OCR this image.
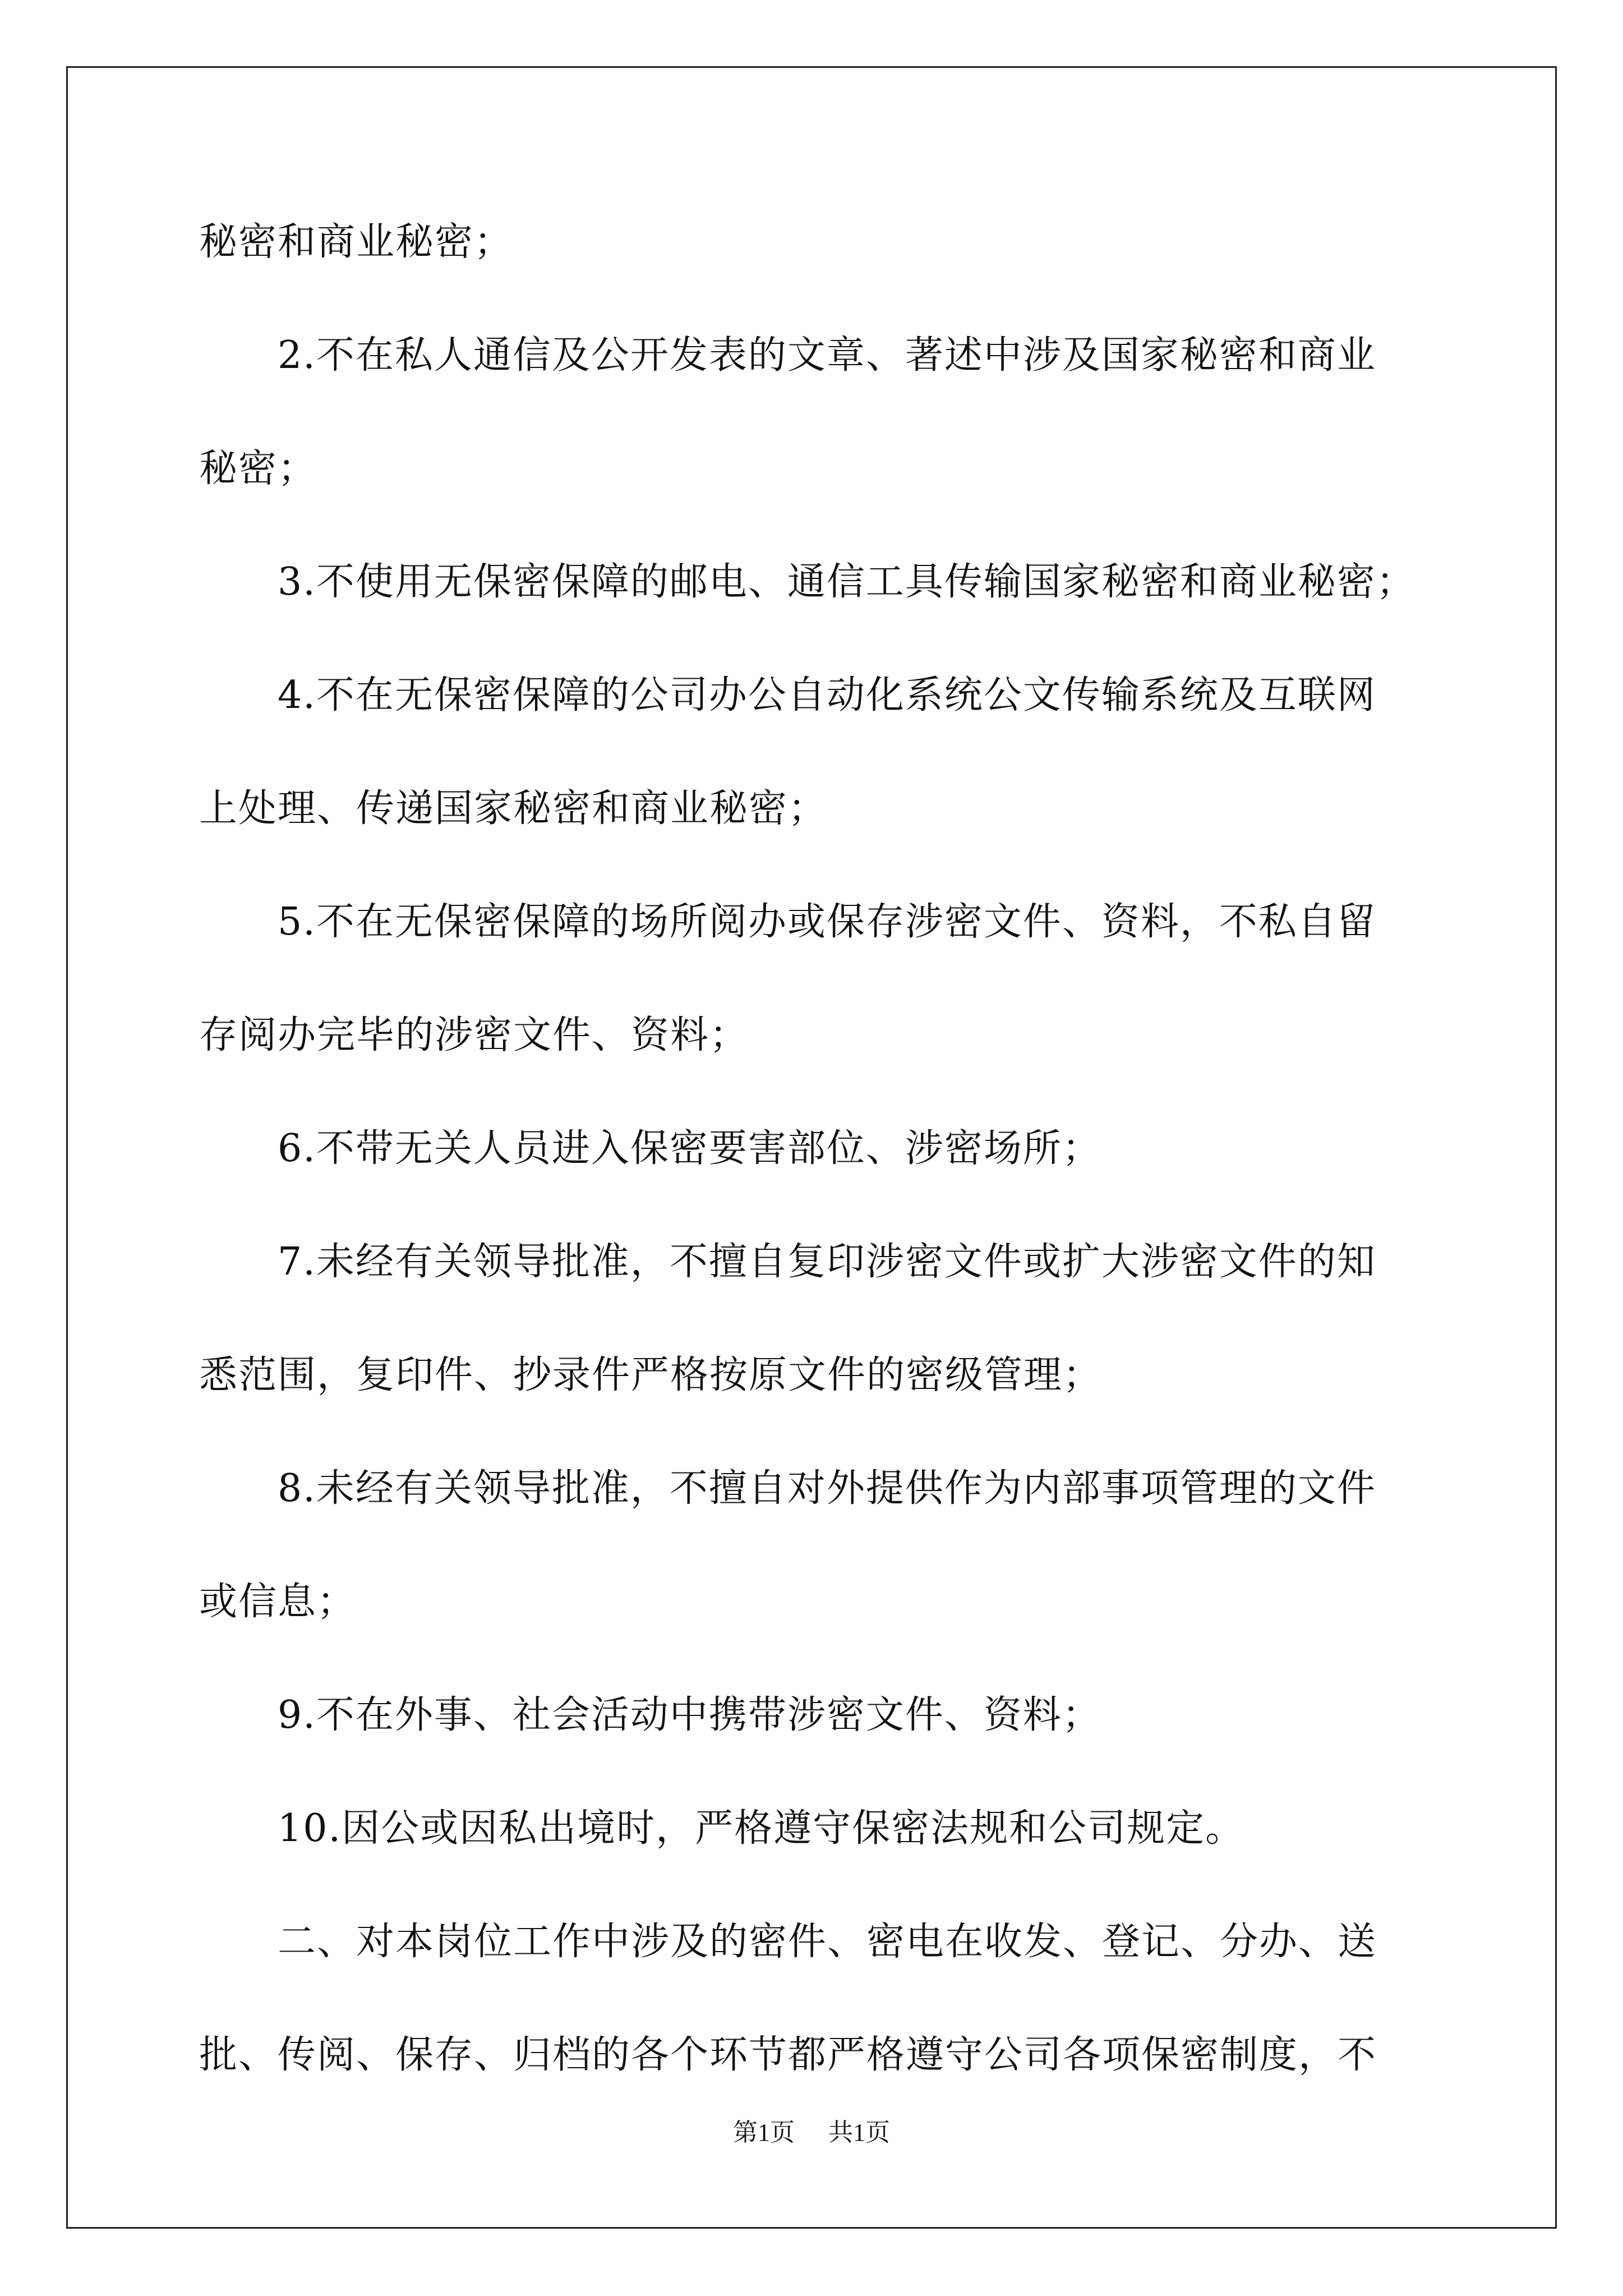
秘密和商业秘密；
2.不在私人通信及公开发表的文章、著述中涉及国家秘密和商业
秘密；
3.不使用无保密保障的邮电、通信工具传输国家秘密和商业秘密；
4.不在无保密保障的公司办公自动化系统公文传输系统及互联网
上处理、传递国家秘密和商业秘密；
5.不在无保密保障的场所阅办或保存涉密文件、资料，不私自留
存阅办完毕的涉密文件、资料；
6.不带无关人员进入保密要害部位、涉密场所；
7.未经有关领导批准，不擅自复印涉密文件或扩大涉密文件的知
悉范围，复印件、抄录件严格按原文件的密级管理；
8.未经有关领导批准，不擅自对外提供作为内部事项管理的文件
或信息；
9.不在外事、社会活动中携带涉密文件、资料；
10.因公或因私出境时，严格遵守保密法规和公司规定。
二、对本岗位工作中涉及的密件、密电在收发、登记、分办、送
批、传阅、保存、归档的各个环节都严格遵守公司各项保密制度，不
第1页 共1页
